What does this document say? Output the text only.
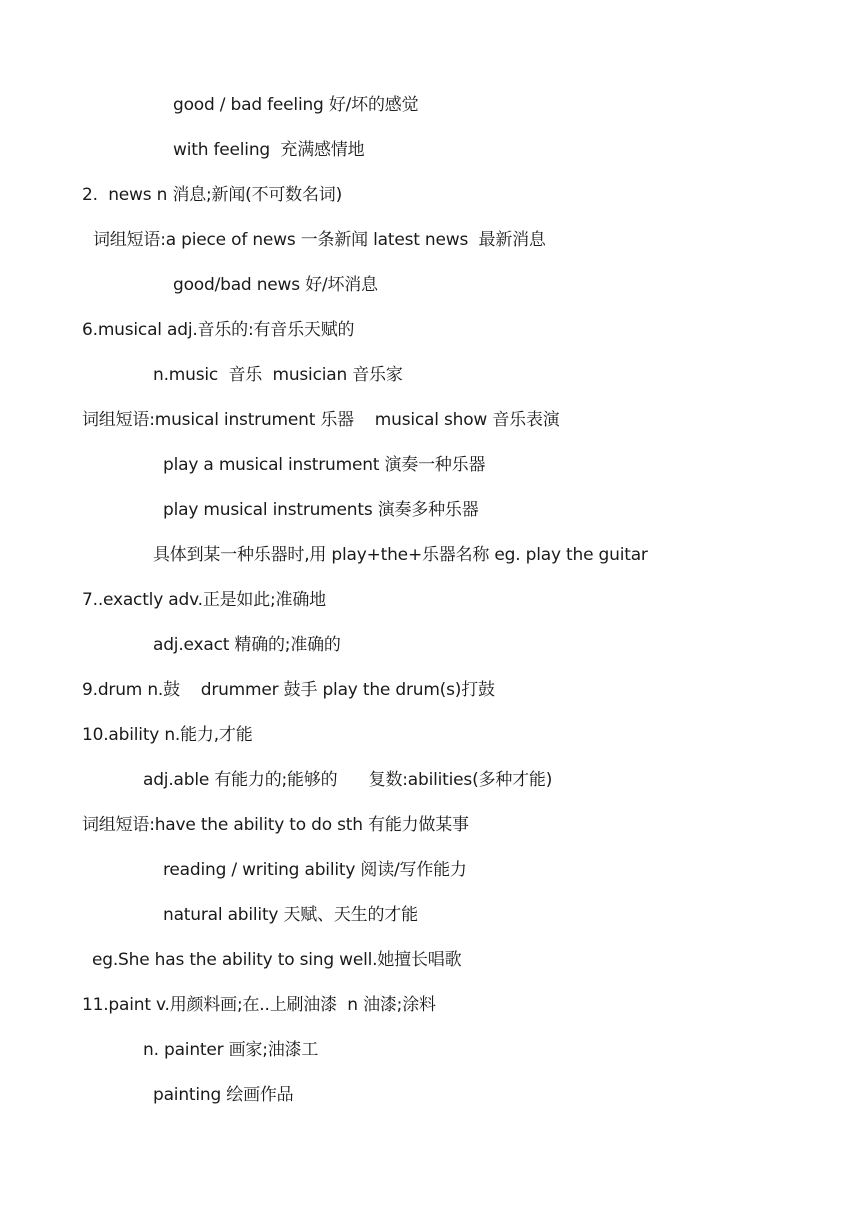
good / bad feeling 好/坏的感觉
with feeling  充满感情地
2.  news n 消息;新闻(不可数名词)
词组短语:a piece of news 一条新闻 latest news  最新消息
good/bad news 好/坏消息
6.musical adj.音乐的:有音乐天赋的
n.music  音乐  musician 音乐家
词组短语:musical instrument 乐器    musical show 音乐表演
play a musical instrument 演奏一种乐器
play musical instruments 演奏多种乐器
具体到某一种乐器时,用 play+the+乐器名称 eg. play the guitar
7..exactly adv.正是如此;准确地
adj.exact 精确的;准确的
9.drum n.鼓    drummer 鼓手 play the drum(s)打鼓
10.ability n.能力,才能
adj.able 有能力的;能够的      复数:abilities(多种才能)
词组短语:have the ability to do sth 有能力做某事
reading / writing ability 阅读/写作能力
natural ability 天赋、天生的才能
eg.She has the ability to sing well.她擅长唱歌
11.paint v.用颜料画;在..上刷油漆  n 油漆;涂料
n. painter 画家;油漆工
painting 绘画作品
